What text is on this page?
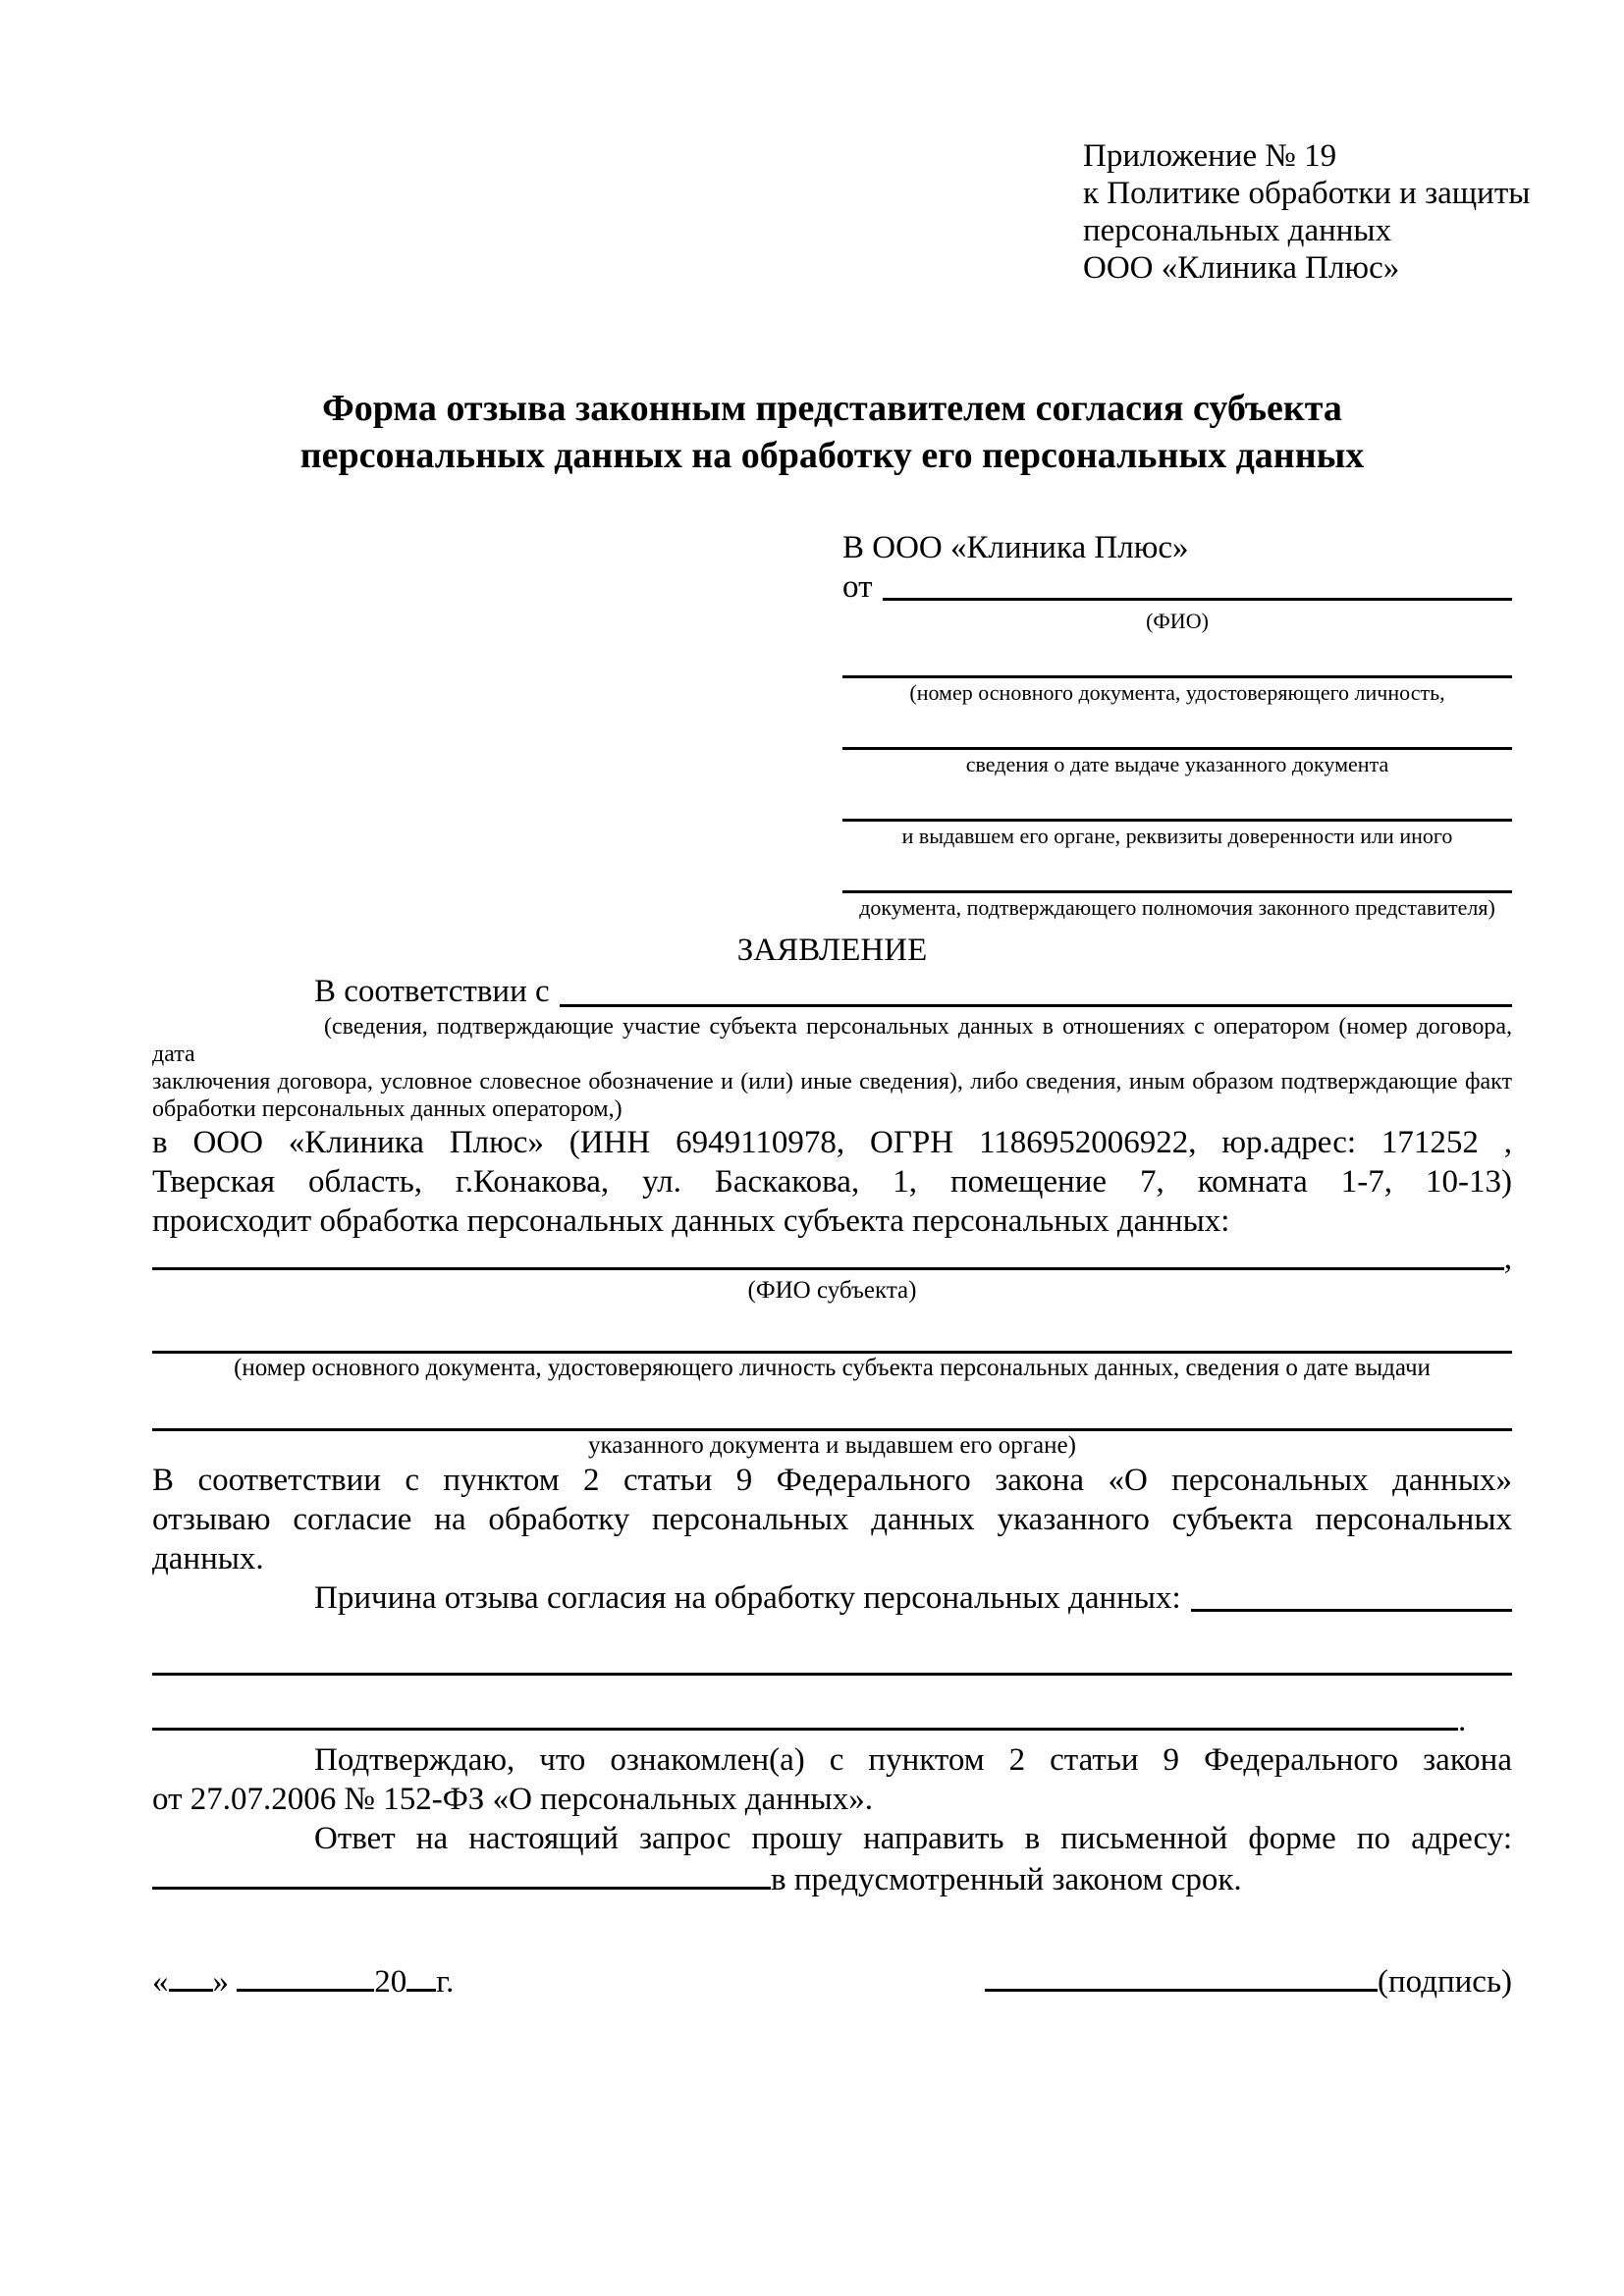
Приложение № 19
к Политике обработки и защиты
персональных данных
ООО «Клиника Плюс»
Форма отзыва законным представителем согласия субъекта
персональных данных на обработку его персональных данных
В ООО «Клиника Плюс»
от
(ФИО)
(номер основного документа, удостоверяющего личность,
сведения о дате выдаче указанного документа
и выдавшем его органе, реквизиты доверенности или иного
документа, подтверждающего полномочия законного представителя)
ЗАЯВЛЕНИЕ
В соответствии с
(сведения, подтверждающие участие субъекта персональных данных в отношениях с оператором (номер договора, дата
заключения договора, условное словесное обозначение и (или) иные сведения), либо сведения, иным образом подтверждающие факт
обработки персональных данных оператором,)
в ООО «Клиника Плюс» (ИНН 6949110978, ОГРН 1186952006922, юр.адрес: 171252 ,
Тверская область, г.Конакова, ул. Баскакова, 1, помещение 7, комната 1-7, 10-13)
происходит обработка персональных данных субъекта персональных данных:
,
(ФИО субъекта)
(номер основного документа, удостоверяющего личность субъекта персональных данных, сведения о дате выдачи
указанного документа и выдавшем его органе)
В соответствии с пунктом 2 статьи 9 Федерального закона «О персональных данных»
отзываю согласие на обработку персональных данных указанного субъекта персональных
данных.
Причина отзыва согласия на обработку персональных данных:
.
Подтверждаю, что ознакомлен(а) с пунктом 2 статьи 9 Федерального закона
от 27.07.2006 № 152-ФЗ «О персональных данных».
Ответ на настоящий запрос прошу направить в письменной форме по адресу:
в предусмотренный законом срок.
« »	20 г.	(подпись)
